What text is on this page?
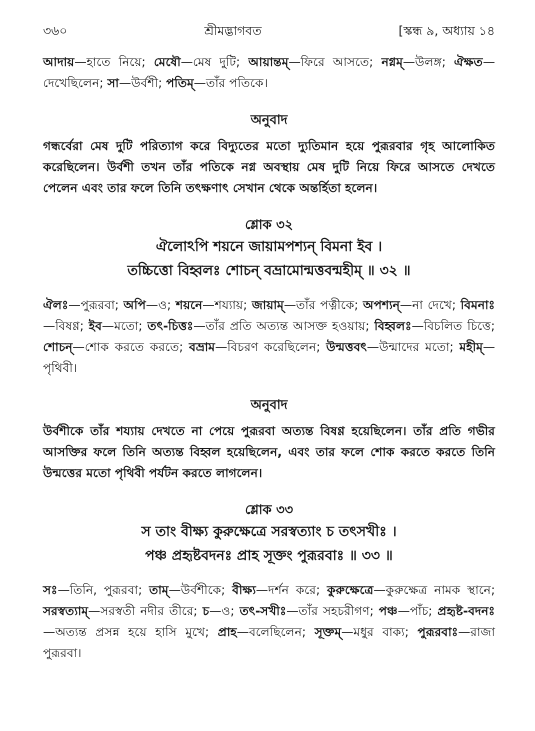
৩৬০	শ্রীমদ্ভাগবত	[স্কন্ধ ৯, অধ্যায় ১৪

আদায়—হাতে নিয়ে; মেষৌ—মেষ দুটি; আয়ান্তম্—ফিরে আসতে; নগ্নম্—উলঙ্গ; ঐক্ষত—দেখেছিলেন; সা—উর্বশী; পতিম্—তাঁর পতিকে।

অনুবাদ

গন্ধর্বেরা মেষ দুটি পরিত্যাগ করে বিদ্যুতের মতো দ্যুতিমান হয়ে পুরূরবার গৃহ আলোকিত করেছিলেন। উর্বশী তখন তাঁর পতিকে নগ্ন অবস্থায় মেষ দুটি নিয়ে ফিরে আসতে দেখতে পেলেন এবং তার ফলে তিনি তৎক্ষণাৎ সেখান থেকে অন্তর্হিতা হলেন।

শ্লোক ৩২

ঐলোঽপি শয়নে জায়ামপশ্যন্ বিমনা ইব ।

তচ্চিত্তো বিহ্বলঃ শোচন্ বভ্রামোন্মত্তবন্মহীম্ ॥ ৩২ ॥

ঐলঃ—পুরূরবা; অপি—ও; শয়নে—শয্যায়; জায়াম্—তাঁর পত্নীকে; অপশ্যন্—না দেখে; বিমনাঃ—বিষণ্ণ; ইব—মতো; তৎ-চিত্তঃ—তাঁর প্রতি অত্যন্ত আসক্ত হওয়ায়; বিহ্বলঃ—বিচলিত চিত্তে; শোচন্—শোক করতে করতে; বভ্রাম—বিচরণ করেছিলেন; উন্মত্তবৎ—উন্মাদের মতো; মহীম্—পৃথিবী।

অনুবাদ

উর্বশীকে তাঁর শয্যায় দেখতে না পেয়ে পুরূরবা অত্যন্ত বিষণ্ণ হয়েছিলেন। তাঁর প্রতি গভীর আসক্তির ফলে তিনি অত্যন্ত বিহ্বল হয়েছিলেন, এবং তার ফলে শোক করতে করতে তিনি উন্মত্তের মতো পৃথিবী পর্যটন করতে লাগলেন।

শ্লোক ৩৩

স তাং বীক্ষ্য কুরুক্ষেত্রে সরস্বত্যাং চ তৎসখীঃ ।

পঞ্চ প্রহৃষ্টবদনঃ প্রাহ সূক্তং পুরূরবাঃ ॥ ৩৩ ॥

সঃ—তিনি, পুরূরবা; তাম্—উর্বশীকে; বীক্ষ্য—দর্শন করে; কুরুক্ষেত্রে—কুরুক্ষেত্র নামক স্থানে; সরস্বত্যাম্—সরস্বতী নদীর তীরে; চ—ও; তৎ-সখীঃ—তাঁর সহচরীগণ; পঞ্চ—পাঁচ; প্রহৃষ্ট-বদনঃ—অত্যন্ত প্রসন্ন হয়ে হাসি মুখে; প্রাহ—বলেছিলেন; সূক্তম্—মধুর বাক্য; পুরূরবাঃ—রাজা পুরূরবা।
